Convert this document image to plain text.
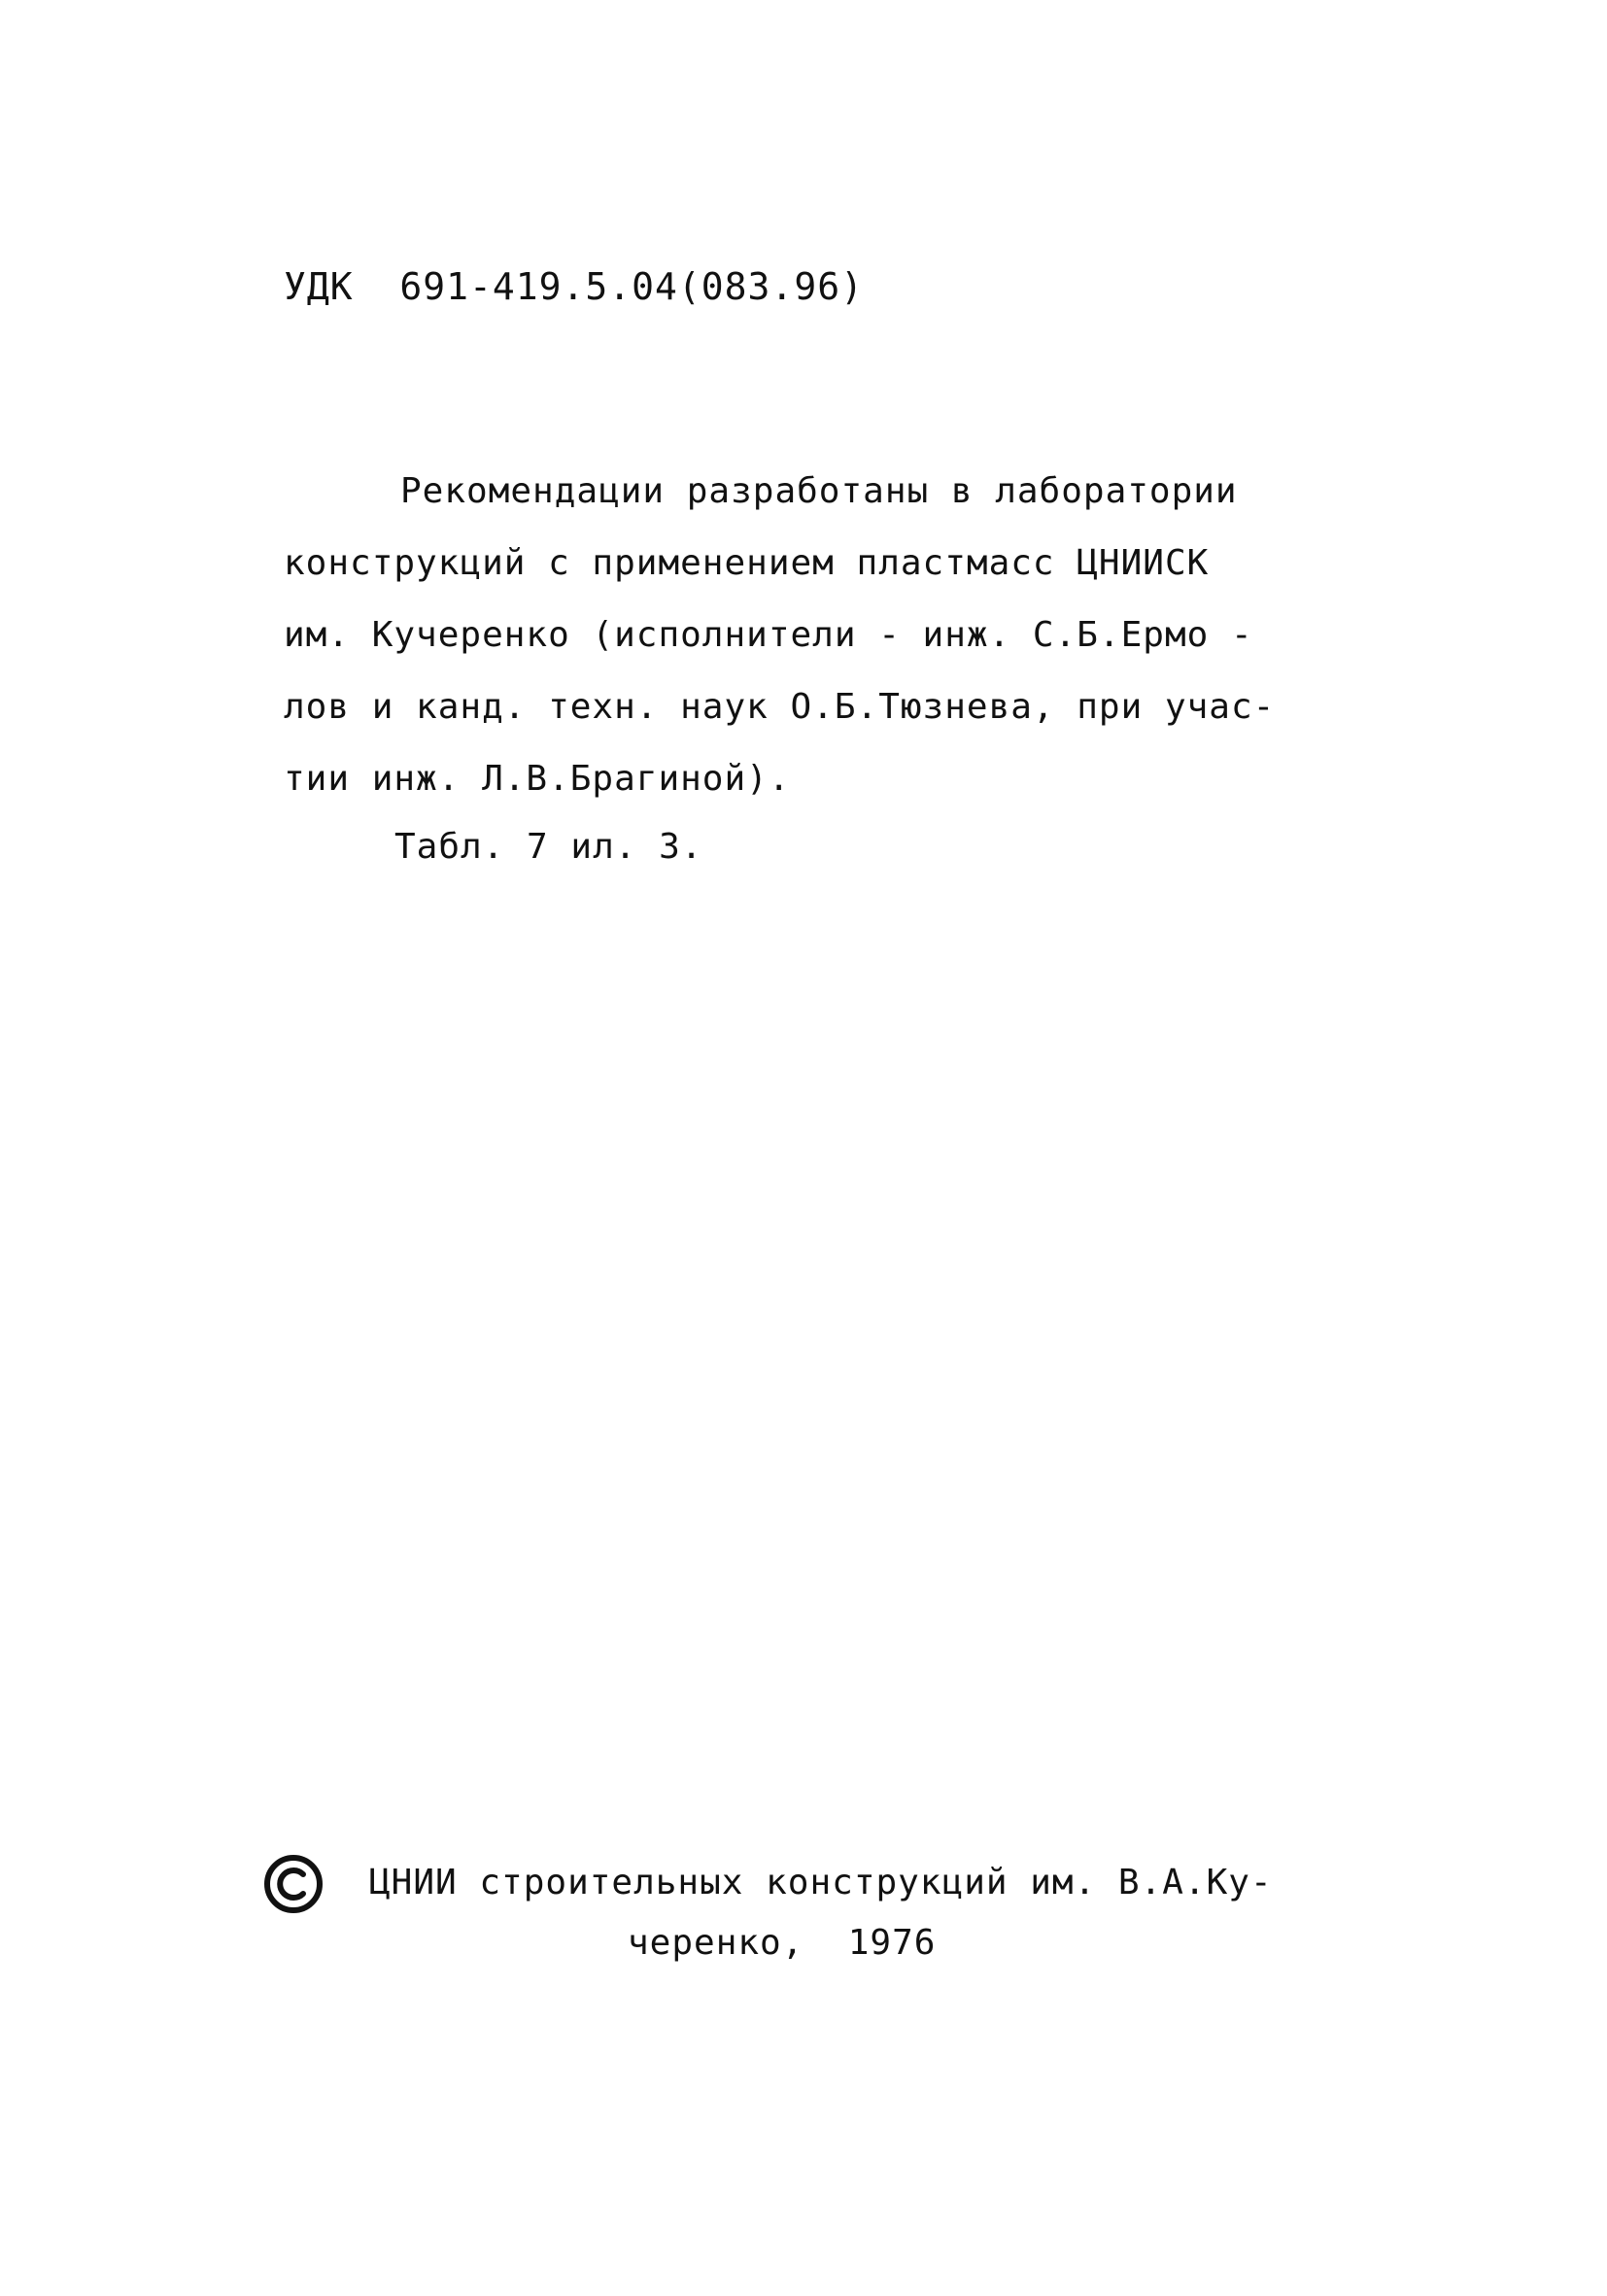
УДК  691-419.5.04(083.96)
Рекомендации разработаны в лаборатории
конструкций с применением пластмасс ЦНИИСК
им. Кучеренко (исполнители - инж. С.Б.Ермо -
лов и канд. техн. наук О.Б.Тюзнева, при учас-
тии инж. Л.В.Брагиной).
Табл. 7 ил. 3.
ЦНИИ строительных конструкций им. В.А.Ку-
черенко,  1976
